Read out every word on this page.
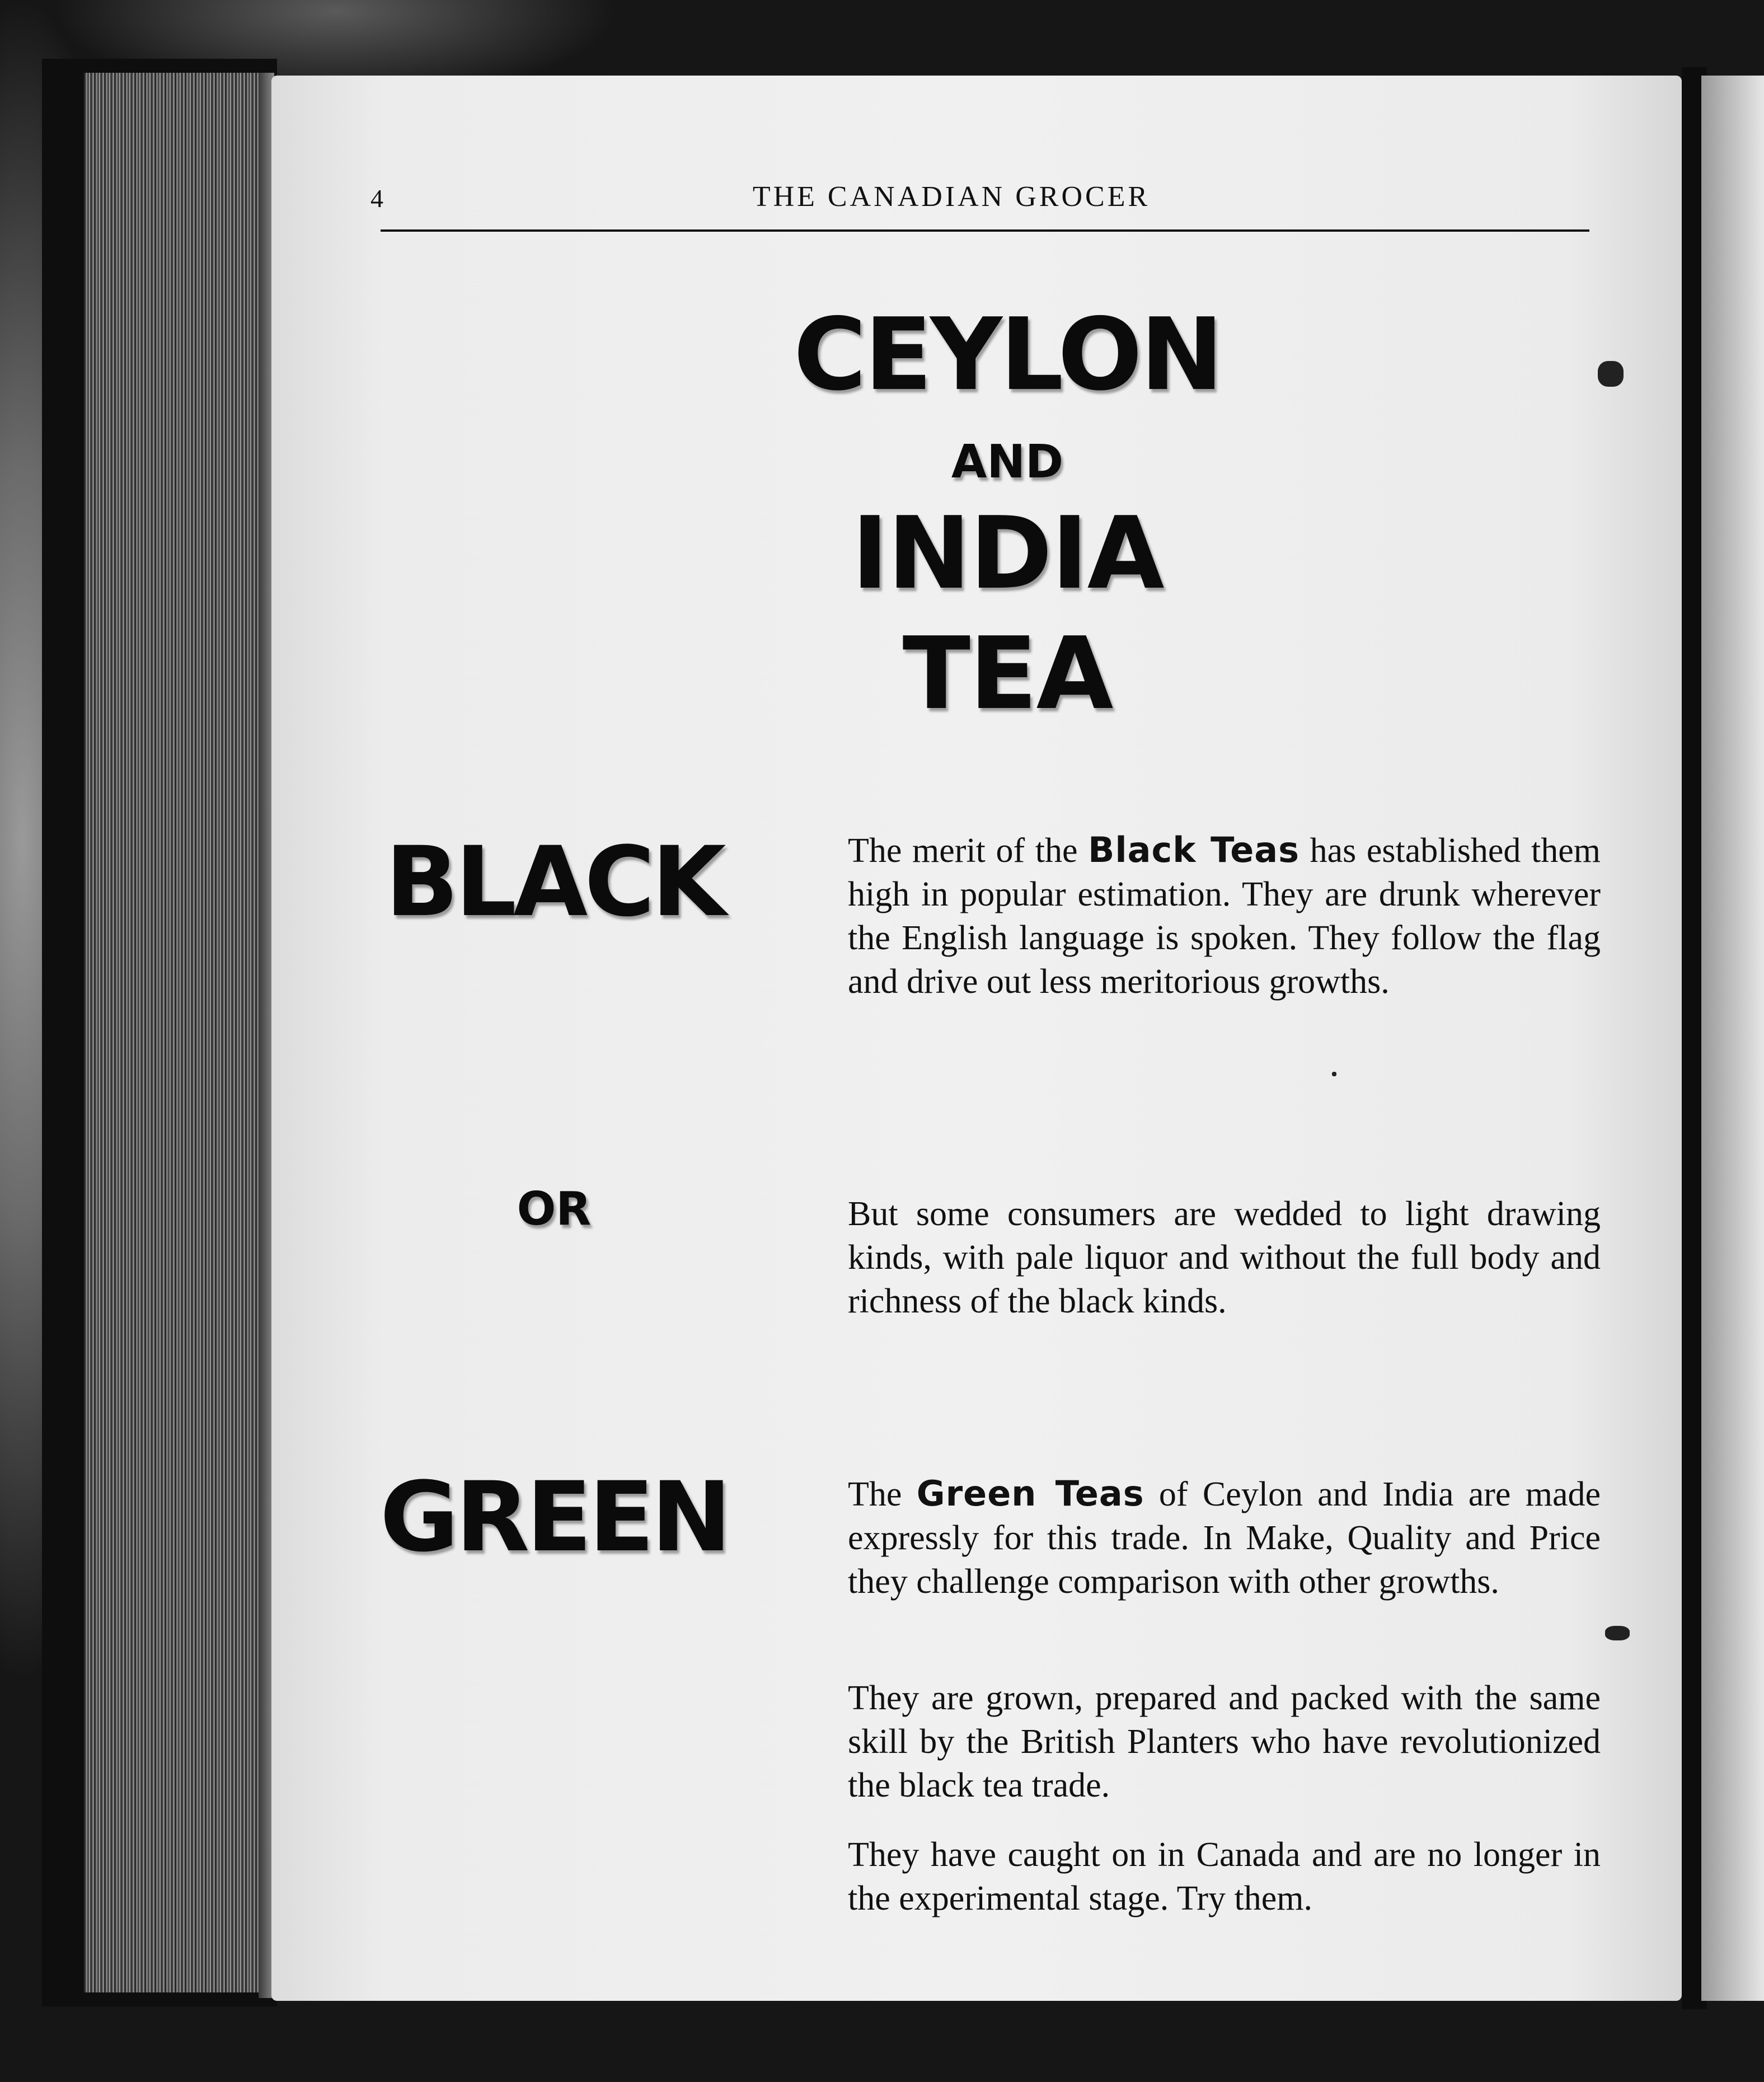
4	THE CANADIAN GROCER
CEYLON
AND
INDIA
TEA
BLACK
OR
GREEN
The merit of the Black Teas has established them high in popular estimation. They are drunk wherever the English language is spoken. They follow the flag and drive out less meritorious growths.
But some consumers are wedded to light drawing kinds, with pale liquor and without the full body and richness of the black kinds.
The Green Teas of Ceylon and India are made expressly for this trade. In Make, Quality and Price they challenge comparison with other growths.
They are grown, prepared and packed with the same skill by the British Planters who have revolutionized the black tea trade.
They have caught on in Canada and are no longer in the experimental stage. Try them.
